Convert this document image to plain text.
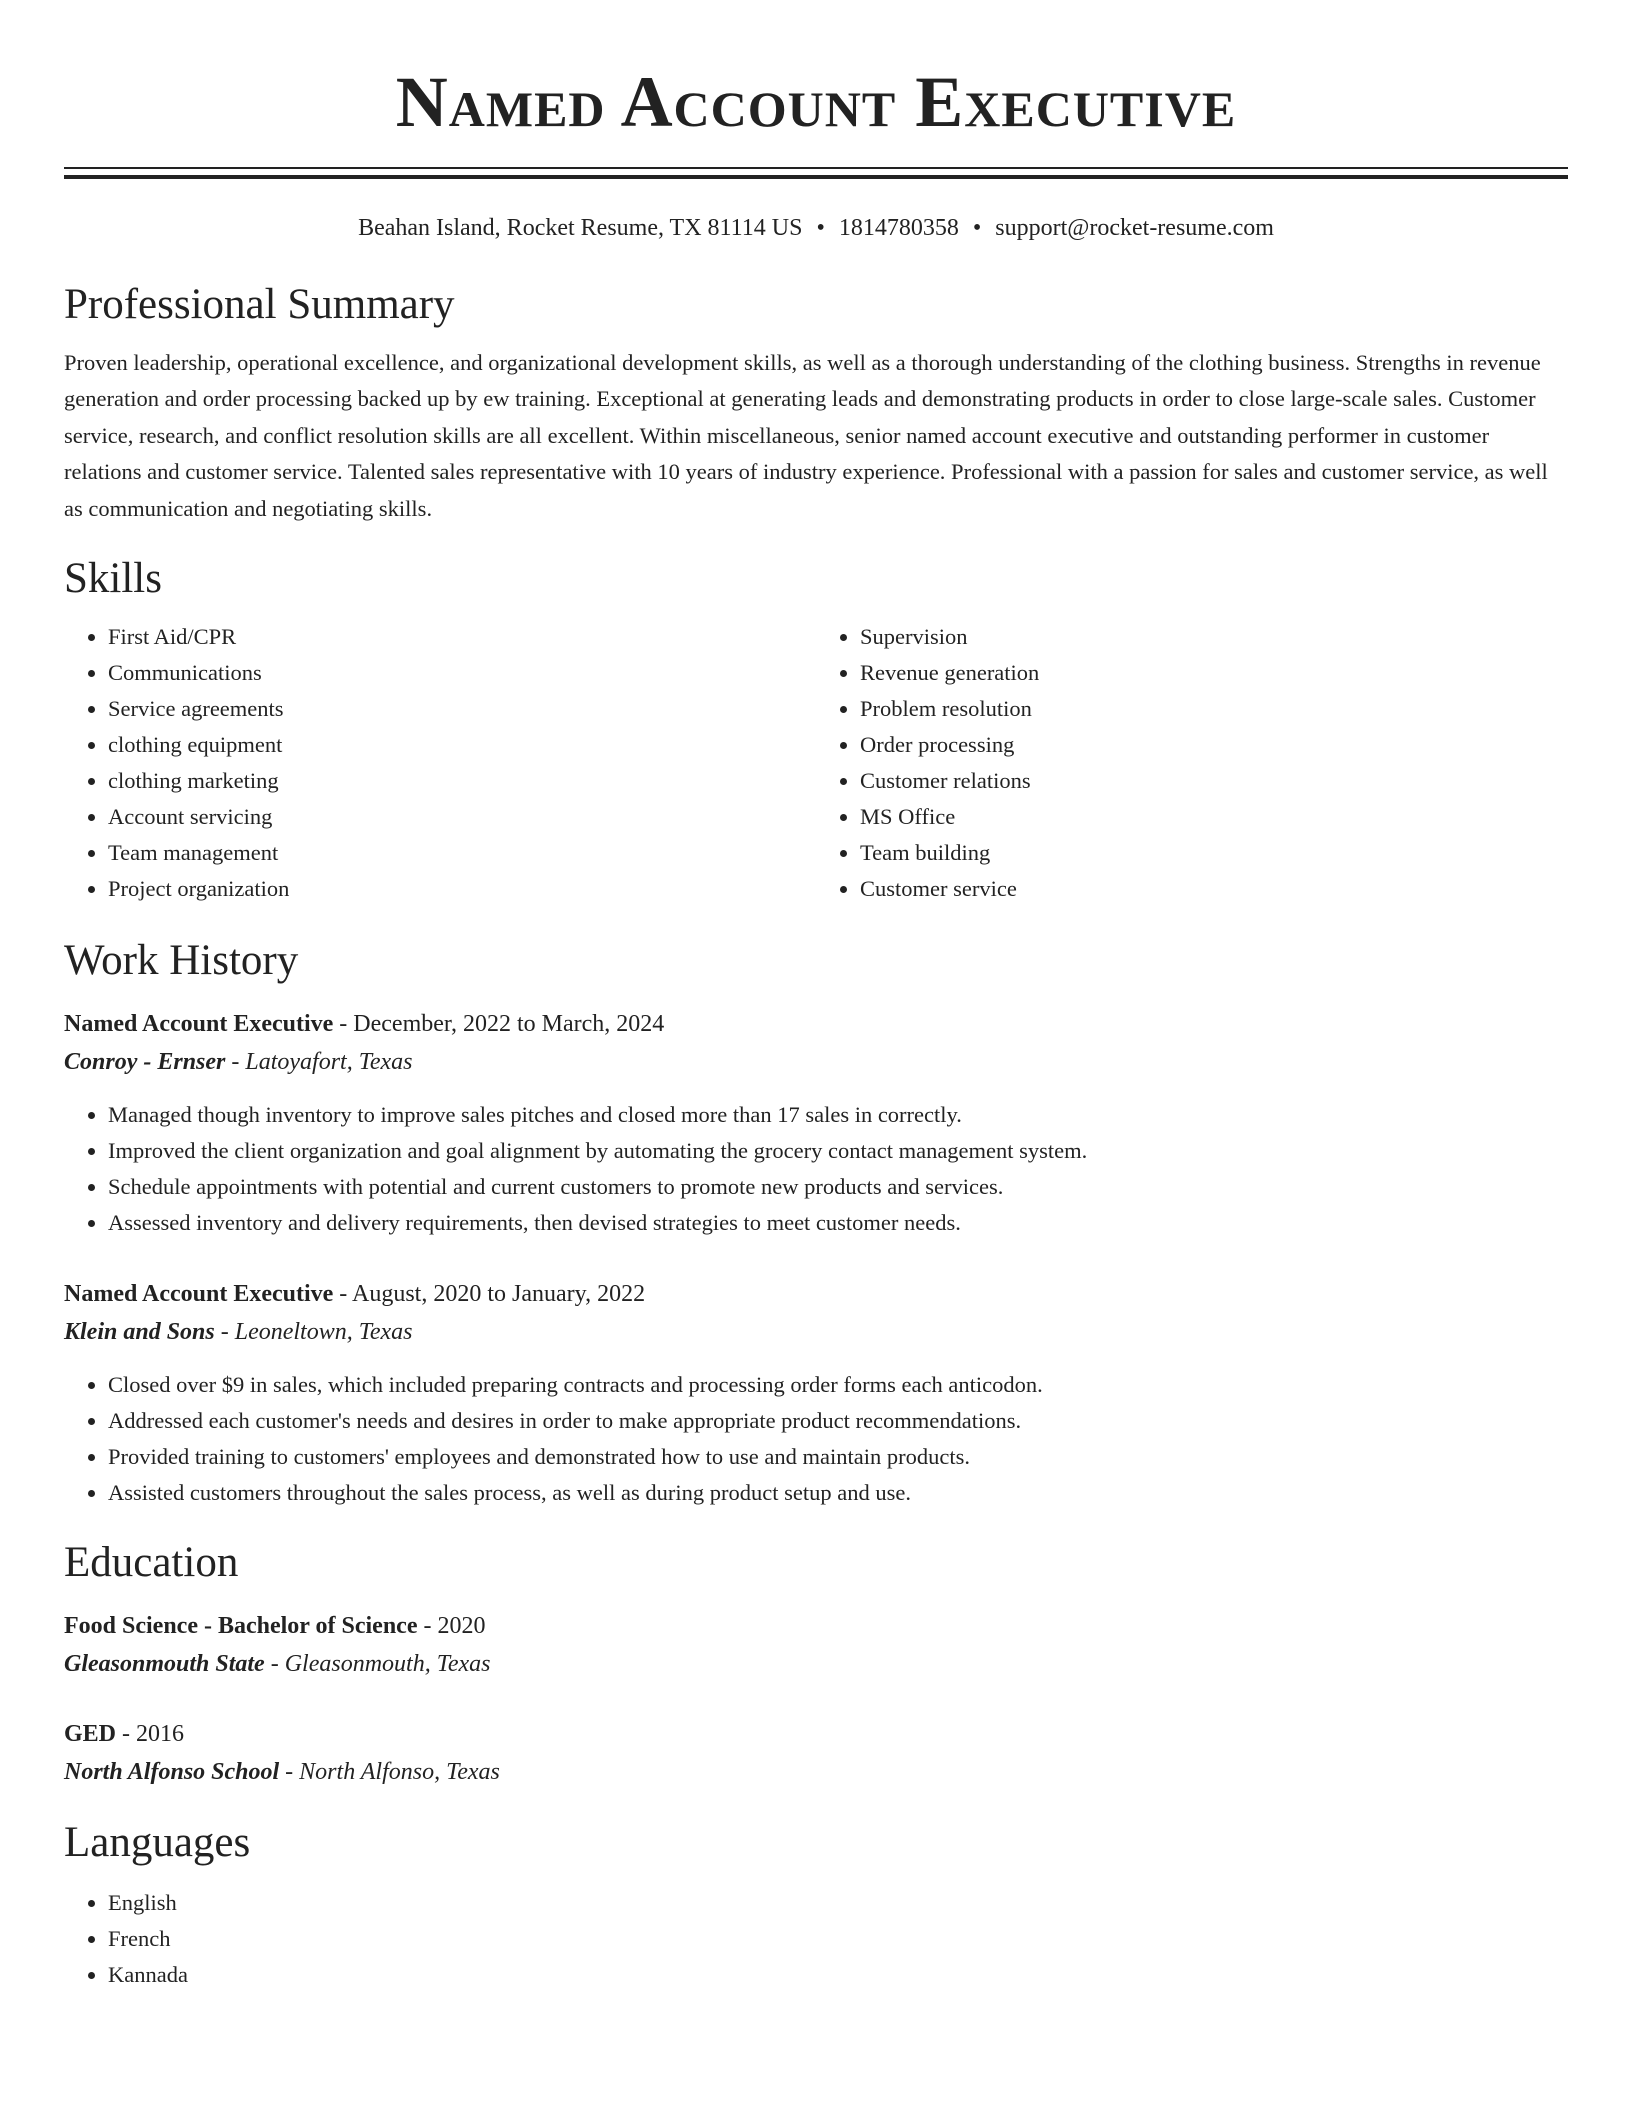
Named Account Executive
Beahan Island, Rocket Resume, TX 81114 US • 1814780358 • support@rocket-resume.com
Professional Summary

Proven leadership, operational excellence, and organizational development skills, as well as a thorough understanding of the clothing business. Strengths in revenue generation and order processing backed up by ew training. Exceptional at generating leads and demonstrating products in order to close large-scale sales. Customer service, research, and conflict resolution skills are all excellent. Within miscellaneous, senior named account executive and outstanding performer in customer relations and customer service. Talented sales representative with 10 years of industry experience. Professional with a passion for sales and customer service, as well as communication and negotiating skills.

Skills
• First Aid/CPR
• Communications
• Service agreements
• clothing equipment
• clothing marketing
• Account servicing
• Team management
• Project organization
• Supervision
• Revenue generation
• Problem resolution
• Order processing
• Customer relations
• MS Office
• Team building
• Customer service
Work History
Named Account Executive - December, 2022 to March, 2024
Conroy - Ernser - Latoyafort, Texas
• Managed though inventory to improve sales pitches and closed more than 17 sales in correctly.
• Improved the client organization and goal alignment by automating the grocery contact management system.
• Schedule appointments with potential and current customers to promote new products and services.
• Assessed inventory and delivery requirements, then devised strategies to meet customer needs.
Named Account Executive - August, 2020 to January, 2022
Klein and Sons - Leoneltown, Texas
• Closed over $9 in sales, which included preparing contracts and processing order forms each anticodon.
• Addressed each customer's needs and desires in order to make appropriate product recommendations.
• Provided training to customers' employees and demonstrated how to use and maintain products.
• Assisted customers throughout the sales process, as well as during product setup and use.
Education
Food Science - Bachelor of Science - 2020
Gleasonmouth State - Gleasonmouth, Texas
GED - 2016
North Alfonso School - North Alfonso, Texas
Languages
• English
• French
• Kannada
